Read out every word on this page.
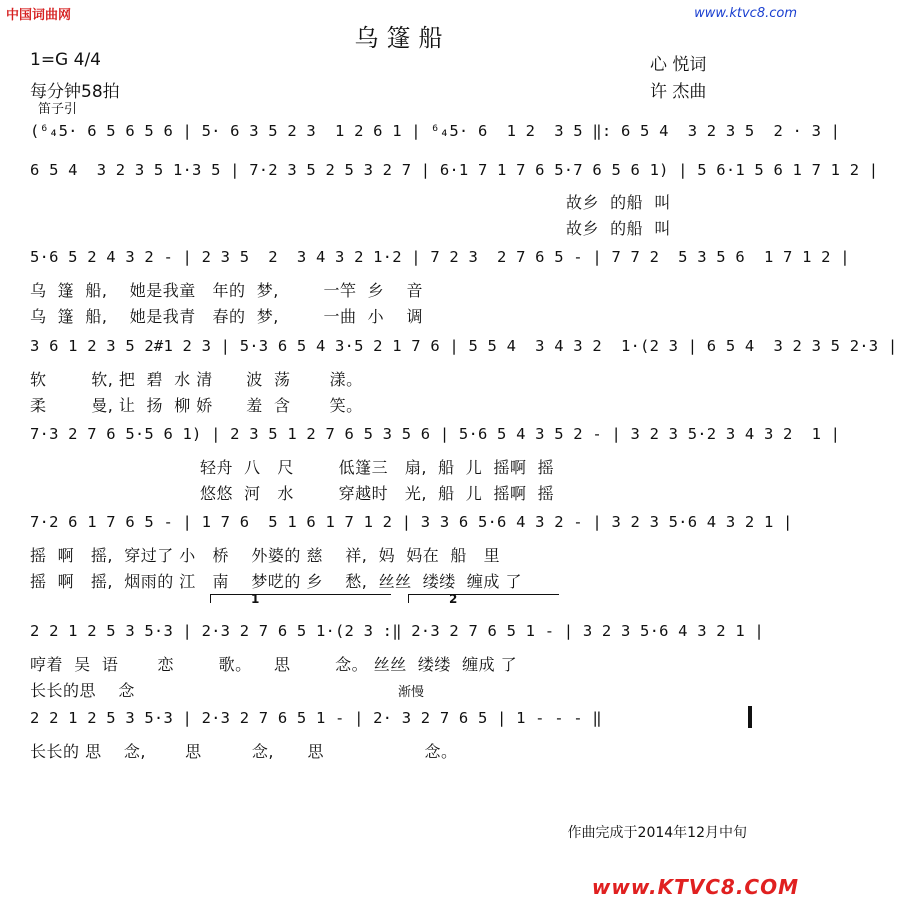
中国词曲网	www.ktvc8.com
乌篷船
1=G 4/4
每分钟58拍
心 悦词
许 杰曲
笛子引
(⁶₄5· 6 5 6 5 6 | 5· 6 3 5 2 3  1 2 6 1 | ⁶₄5· 6  1 2  3 5 ‖: 6 5 4  3 2 3 5  2 · 3 |
6 5 4  3 2 3 5 1·3 5 | 7·2 3 5 2 5 3 2 7 | 6·1 7 1 7 6 5·7 6 5 6 1) | 5 6·1 5 6 1 7 1 2 |
故乡  的船  叫
故乡  的船  叫
5·6 5 2 4 3 2 - | 2 3 5  2  3 4 3 2 1·2 | 7 2 3  2 7 6 5 - | 7 7 2  5 3 5 6  1 7 1 2 |
乌  篷  船,    她是我童   年的  梦,        一竿  乡    音
乌  篷  船,    她是我青   春的  梦,        一曲  小    调
3 6 1 2 3 5 2#1 2 3 | 5·3 6 5 4 3·5 2 1 7 6 | 5 5 4  3 4 3 2  1·(2 3 | 6 5 4  3 2 3 5 2·3 |
软        软, 把  碧  水 清      波  荡       漾。
柔        曼, 让  扬  柳 娇      羞  含       笑。
7·3 2 7 6 5·5 6 1) | 2 3 5 1 2 7 6 5 3 5 6 | 5·6 5 4 3 5 2 - | 3 2 3 5·2 3 4 3 2  1 |
轻舟  八   尺        低篷三   扇,  船  儿  摇啊  摇
悠悠  河   水        穿越时   光,  船  儿  摇啊  摇
7·2 6 1 7 6 5 - | 1 7 6  5 1 6 1 7 1 2 | 3 3 6 5·6 4 3 2 - | 3 2 3 5·6 4 3 2 1 |
摇  啊   摇,  穿过了 小   桥    外婆的 慈    祥,  妈  妈在  船   里
摇  啊   摇,  烟雨的 江   南    梦呓的 乡    愁,  丝丝  缕缕  缠成 了
1	2
2 2 1 2 5 3 5·3 | 2·3 2 7 6 5 1·(2 3 :‖ 2·3 2 7 6 5 1 - | 3 2 3 5·6 4 3 2 1 |
哼着  吴  语       恋        歌。    思        念。 丝丝  缕缕  缠成 了
长长的思    念	渐慢
2 2 1 2 5 3 5·3 | 2·3 2 7 6 5 1 - | 2· 3 2 7 6 5 | 1 - - - ‖
长长的 思    念,       思         念,      思                  念。
作曲完成于2014年12月中旬
www.KTVC8.COM
